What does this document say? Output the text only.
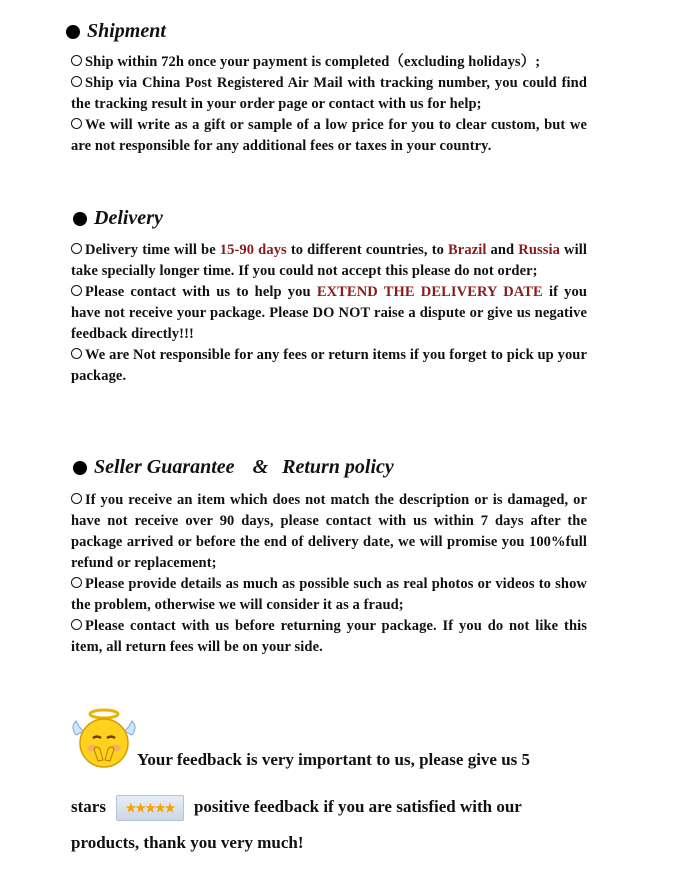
Shipment

Ship within 72h once your payment is completed（excluding holidays）;

Ship via China Post Registered Air Mail with tracking number, you could find the tracking result in your order page or contact with us for help;

We will write as a gift or sample of a low price for you to clear custom, but we are not responsible for any additional fees or taxes in your country.

Delivery

Delivery time will be 15-90 days to different countries, to Brazil and Russia will take specially longer time. If you could not accept this please do not order;

Please contact with us to help you EXTEND THE DELIVERY DATE if you have not receive your package. Please DO NOT raise a dispute or give us negative feedback directly!!!

We are Not responsible for any fees or return items if you forget to pick up your package.

Seller Guarantee & Return policy

If you receive an item which does not match the description or is damaged, or have not receive over 90 days, please contact with us within 7 days after the package arrived or before the end of delivery date, we will promise you 100%full refund or replacement;

Please provide details as much as possible such as real photos or videos to show the problem, otherwise we will consider it as a fraud;

Please contact with us before returning your package. If you do not like this item, all return fees will be on your side.

Your feedback is very important to us, please give us 5
stars ★★★★★ positive feedback if you are satisfied with our
products, thank you very much!
